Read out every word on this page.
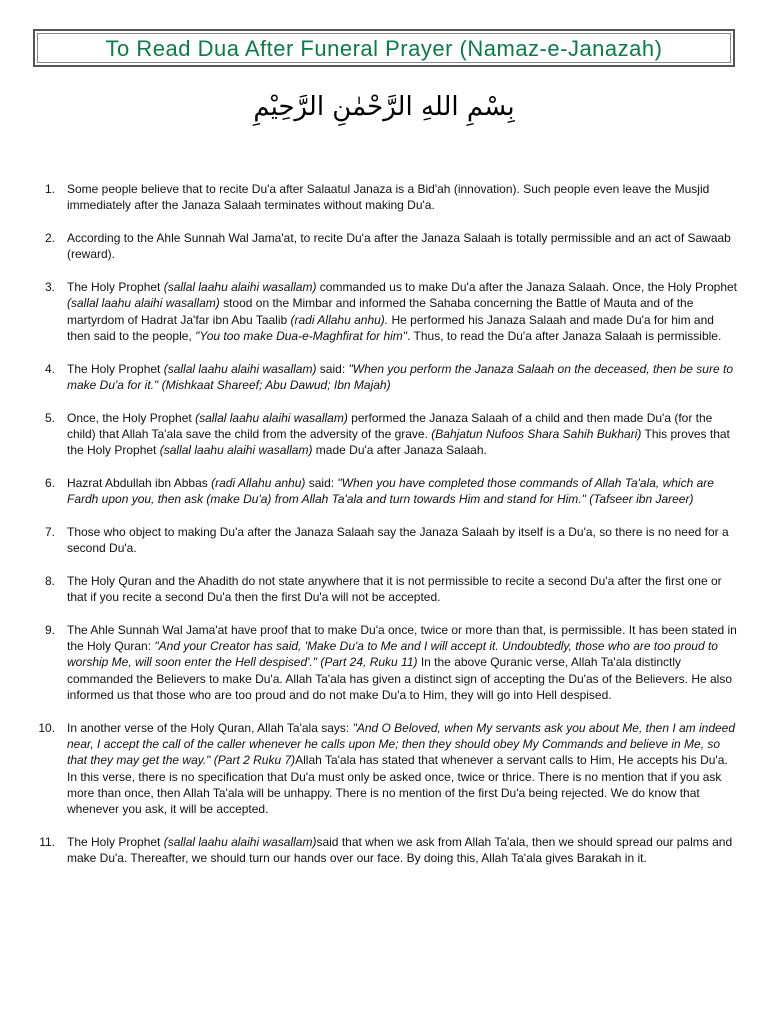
To Read Dua After Funeral Prayer (Namaz-e-Janazah)
بِسْمِ اللهِ الرَّحْمٰنِ الرَّحِيْمِ
1. Some people believe that to recite Du'a after Salaatul Janaza is a Bid'ah (innovation). Such people even leave the Musjid immediately after the Janaza Salaah terminates without making Du'a.
2. According to the Ahle Sunnah Wal Jama'at, to recite Du'a after the Janaza Salaah is totally permissible and an act of Sawaab (reward).
3. The Holy Prophet (sallal laahu alaihi wasallam) commanded us to make Du'a after the Janaza Salaah. Once, the Holy Prophet (sallal laahu alaihi wasallam) stood on the Mimbar and informed the Sahaba concerning the Battle of Mauta and of the martyrdom of Hadrat Ja'far ibn Abu Taalib (radi Allahu anhu). He performed his Janaza Salaah and made Du'a for him and then said to the people, "You too make Dua-e-Maghfirat for him". Thus, to read the Du'a after Janaza Salaah is permissible.
4. The Holy Prophet (sallal laahu alaihi wasallam) said: "When you perform the Janaza Salaah on the deceased, then be sure to make Du'a for it." (Mishkaat Shareef; Abu Dawud; Ibn Majah)
5. Once, the Holy Prophet (sallal laahu alaihi wasallam) performed the Janaza Salaah of a child and then made Du'a (for the child) that Allah Ta'ala save the child from the adversity of the grave. (Bahjatun Nufoos Shara Sahih Bukhari) This proves that the Holy Prophet (sallal laahu alaihi wasallam) made Du'a after Janaza Salaah.
6. Hazrat Abdullah ibn Abbas (radi Allahu anhu) said: "When you have completed those commands of Allah Ta'ala, which are Fardh upon you, then ask (make Du'a) from Allah Ta'ala and turn towards Him and stand for Him." (Tafseer ibn Jareer)
7. Those who object to making Du'a after the Janaza Salaah say the Janaza Salaah by itself is a Du'a, so there is no need for a second Du'a.
8. The Holy Quran and the Ahadith do not state anywhere that it is not permissible to recite a second Du'a after the first one or that if you recite a second Du'a then the first Du'a will not be accepted.
9. The Ahle Sunnah Wal Jama'at have proof that to make Du'a once, twice or more than that, is permissible. It has been stated in the Holy Quran: "And your Creator has said, 'Make Du'a to Me and I will accept it. Undoubtedly, those who are too proud to worship Me, will soon enter the Hell despised'." (Part 24, Ruku 11) In the above Quranic verse, Allah Ta'ala distinctly commanded the Believers to make Du'a. Allah Ta'ala has given a distinct sign of accepting the Du'as of the Believers. He also informed us that those who are too proud and do not make Du'a to Him, they will go into Hell despised.
10. In another verse of the Holy Quran, Allah Ta'ala says: "And O Beloved, when My servants ask you about Me, then I am indeed near, I accept the call of the caller whenever he calls upon Me; then they should obey My Commands and believe in Me, so that they may get the way." (Part 2 Ruku 7)Allah Ta'ala has stated that whenever a servant calls to Him, He accepts his Du'a. In this verse, there is no specification that Du'a must only be asked once, twice or thrice. There is no mention that if you ask more than once, then Allah Ta'ala will be unhappy. There is no mention of the first Du'a being rejected. We do know that whenever you ask, it will be accepted.
11. The Holy Prophet (sallal laahu alaihi wasallam)said that when we ask from Allah Ta'ala, then we should spread our palms and make Du'a. Thereafter, we should turn our hands over our face. By doing this, Allah Ta'ala gives Barakah in it.
